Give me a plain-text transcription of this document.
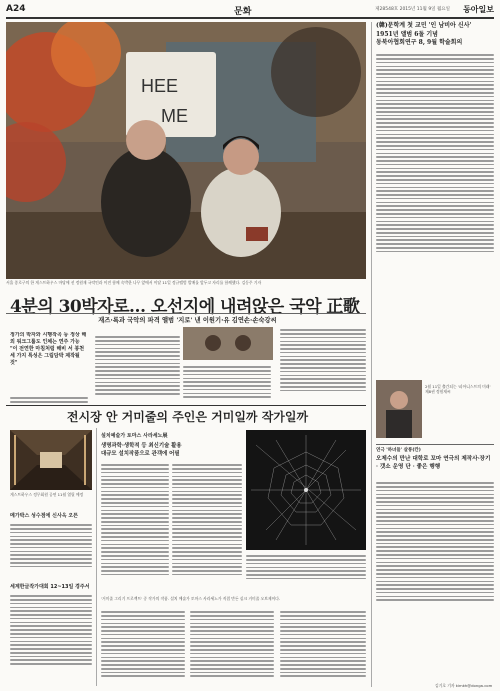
A24	문화	제28548호 2015년 11월 9일 월요일 동아일보
HEE
ME
서울 종로구의 한 게스트하우스 마당에 선 정원재 국악인과 이전 함께 숙박한 나무 앞에서 이달 11일 정규앨범 발매를 앞두고 자리를 함께했다. 김동주 기자
4분의 30박자로… 오선지에 내려앉은 국악 正歌
재즈·록과 국악의 파격 앨범 '지로' 낸 이원기·유 김연손·손숙강씨
정가의 박자와 시행작곡 등 정상 해외 워크그룹도 인체는 연주 가능
"이 전연한 마침처럼 해비 서 봉천 세 가지 특성은 그림담박 제작될 것"
(韓)문학계 첫 교민 '인 남비아 신사'
1951년 앨범 6돌 기념
동북아협회연구 8, 9월 학술회의
2월 11일 출간되는 '피아니스트의 미래' 제8권 정원재씨
연극 '하녀들' 살롱(칸)
오제수의 만난 대학로 꼬마 연극의 제작사·장기 · 갯소 운영 단 · 좋은 행행
김기호 기자 kimkh@donga.com
전시장 안 거미줄의 주인은 거미일까 작가일까
게스트하우스 정무회원 공연 11월 열릴 예정
메가박스 성수점에 신사옥 오픈
세계한글작가대회 12~13일 경주서
설치예술가 토마스 사라세노展
생명과학·생학적 등 최신기술 활용
대규모 설치작품으로 관객에 어필
'거미줄 그리기 프로젝트' 중 작가의 작품. 설치 예술가 토마스 사라세노가 직접 만든 실크 거미줄 오브제이다.
